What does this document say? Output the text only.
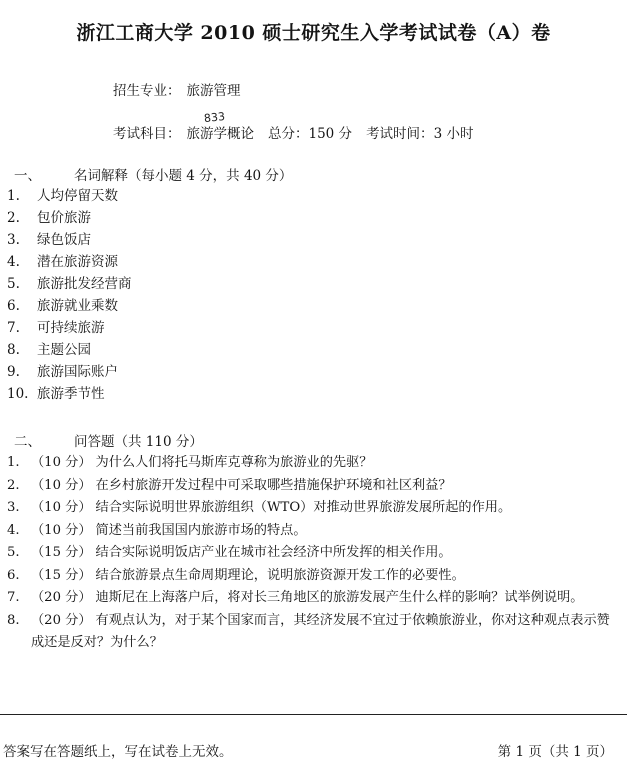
浙江工商大学 2010 硕士研究生入学考试试卷（A）卷
招生专业： 旅游管理
833
考试科目： 旅游学概论 总分：150 分 考试时间：3 小时
一、 名词解释（每小题 4 分，共 40 分）
1. 人均停留天数
2. 包价旅游
3. 绿色饭店
4. 潜在旅游资源
5. 旅游批发经营商
6. 旅游就业乘数
7. 可持续旅游
8. 主题公园
9. 旅游国际账户
10. 旅游季节性
二、 问答题（共 110 分）
1. （10 分） 为什么人们将托马斯库克尊称为旅游业的先驱？
2. （10 分） 在乡村旅游开发过程中可采取哪些措施保护环境和社区利益？
3. （10 分） 结合实际说明世界旅游组织（WTO）对推动世界旅游发展所起的作用。
4. （10 分） 简述当前我国国内旅游市场的特点。
5. （15 分） 结合实际说明饭店产业在城市社会经济中所发挥的相关作用。
6. （15 分） 结合旅游景点生命周期理论，说明旅游资源开发工作的必要性。
7. （20 分） 迪斯尼在上海落户后，将对长三角地区的旅游发展产生什么样的影响？试举例说明。
8. （20 分） 有观点认为，对于某个国家而言，其经济发展不宜过于依赖旅游业，你对这种观点表示赞成还是反对？为什么？
答案写在答题纸上，写在试卷上无效。	第 1 页（共 1 页）
